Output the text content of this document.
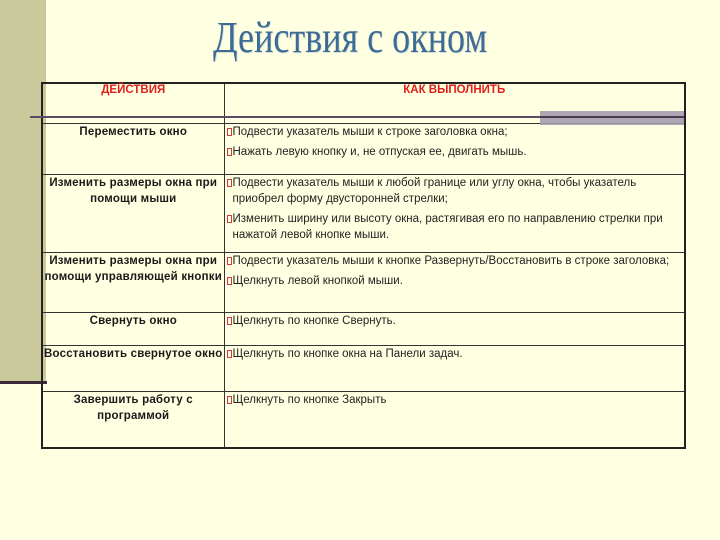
Действия с окном
ДЕЙСТВИЯ	КАК ВЫПОЛНИТЬ
Переместить окно	Подвести указатель мыши к строке заголовка окна;
Нажать левую кнопку и, не отпуская ее, двигать мышь.

Изменить размеры окна при помощи мыши	Подвести указатель мыши к любой границе или углу окна, чтобы указатель приобрел форму двусторонней стрелки;
Изменить ширину или высоту окна, растягивая его по направлению стрелки при нажатой левой кнопке мыши.

Изменить размеры окна при помощи управляющей кнопки	Подвести указатель мыши к кнопке Развернуть/Восстановить в строке заголовка;
Щелкнуть левой кнопкой мыши.

Свернуть окно	Щелкнуть по кнопке Свернуть.

Восстановить свернутое окно	Щелкнуть по кнопке окна на Панели задач.

Завершить работу с программой	Щелкнуть по кнопке Закрыть
